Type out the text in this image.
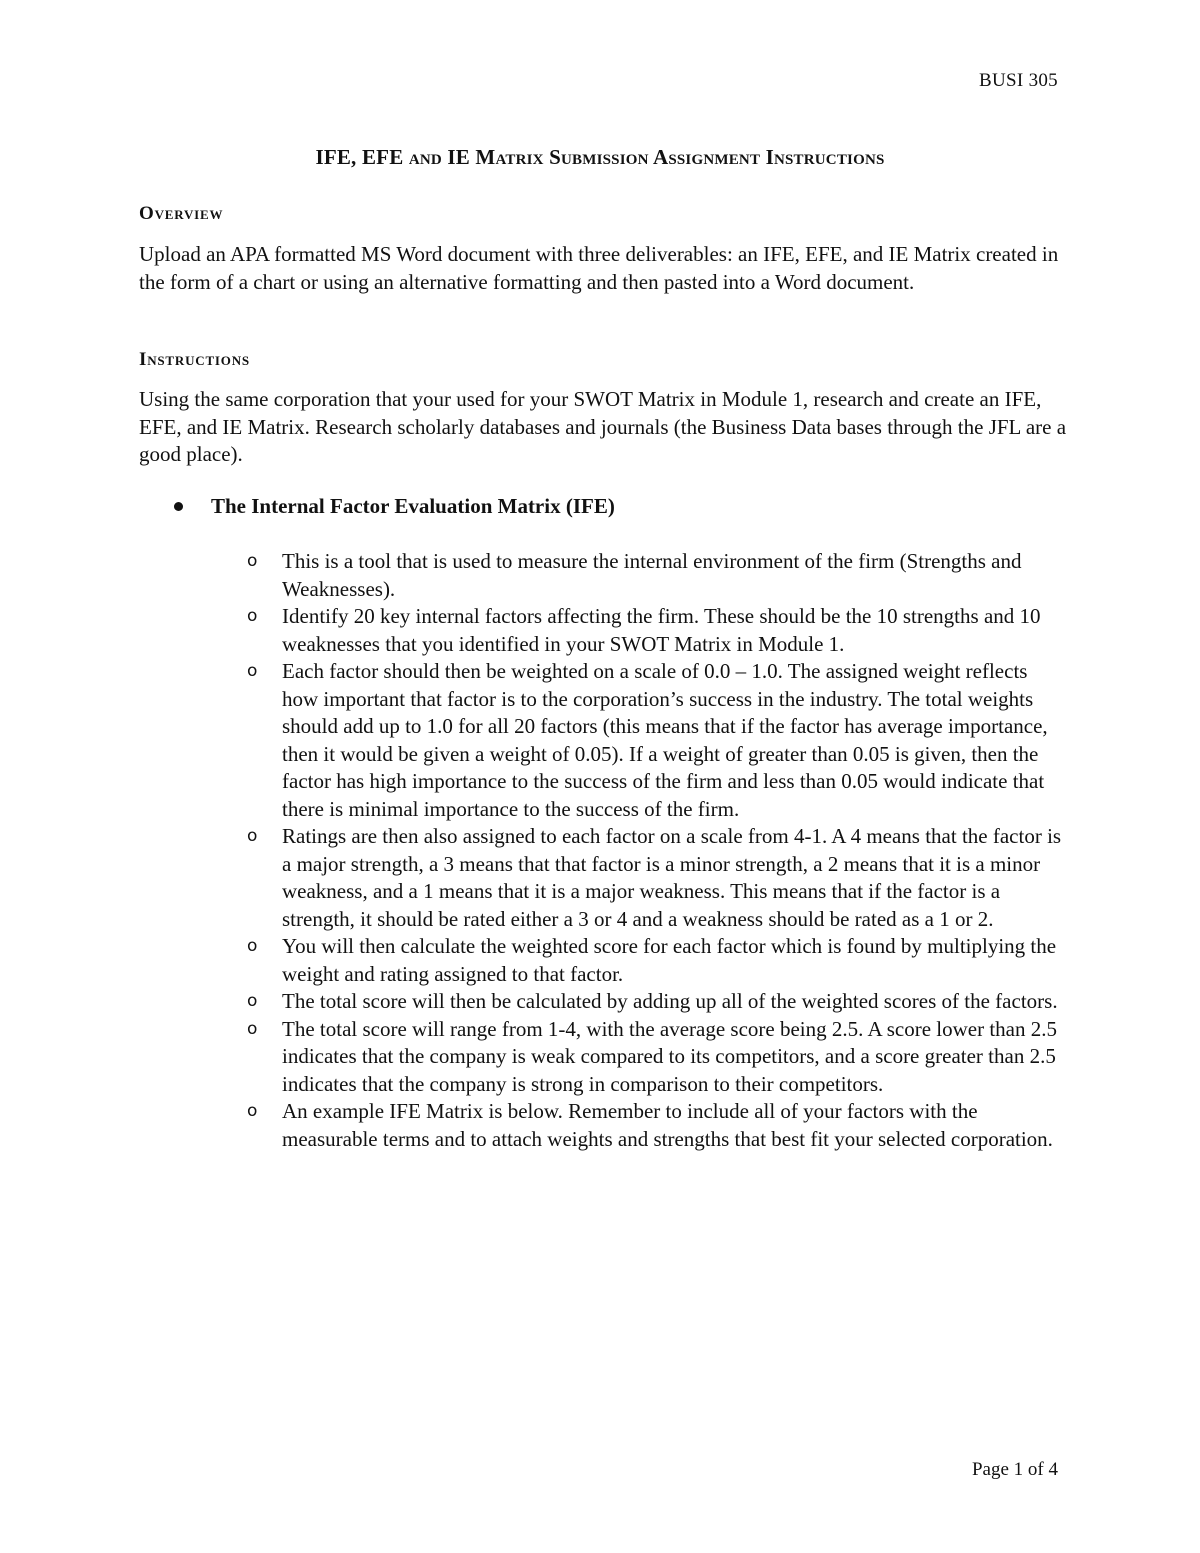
BUSI 305
IFE, EFE and IE Matrix Submission Assignment Instructions
Overview
Upload an APA formatted MS Word document with three deliverables: an IFE, EFE, and IE Matrix created in the form of a chart or using an alternative formatting and then pasted into a Word document.
Instructions
Using the same corporation that your used for your SWOT Matrix in Module 1, research and create an IFE, EFE, and IE Matrix. Research scholarly databases and journals (the Business Data bases through the JFL are a good place).
The Internal Factor Evaluation Matrix (IFE)
o This is a tool that is used to measure the internal environment of the firm (Strengths and Weaknesses).
o Identify 20 key internal factors affecting the firm. These should be the 10 strengths and 10 weaknesses that you identified in your SWOT Matrix in Module 1.
o Each factor should then be weighted on a scale of 0.0 – 1.0. The assigned weight reflects how important that factor is to the corporation’s success in the industry. The total weights should add up to 1.0 for all 20 factors (this means that if the factor has average importance, then it would be given a weight of 0.05). If a weight of greater than 0.05 is given, then the factor has high importance to the success of the firm and less than 0.05 would indicate that there is minimal importance to the success of the firm.
o Ratings are then also assigned to each factor on a scale from 4-1. A 4 means that the factor is a major strength, a 3 means that that factor is a minor strength, a 2 means that it is a minor weakness, and a 1 means that it is a major weakness. This means that if the factor is a strength, it should be rated either a 3 or 4 and a weakness should be rated as a 1 or 2.
o You will then calculate the weighted score for each factor which is found by multiplying the weight and rating assigned to that factor.
o The total score will then be calculated by adding up all of the weighted scores of the factors.
o The total score will range from 1-4, with the average score being 2.5. A score lower than 2.5 indicates that the company is weak compared to its competitors, and a score greater than 2.5 indicates that the company is strong in comparison to their competitors.
o An example IFE Matrix is below. Remember to include all of your factors with the measurable terms and to attach weights and strengths that best fit your selected corporation.
Page 1 of 4
